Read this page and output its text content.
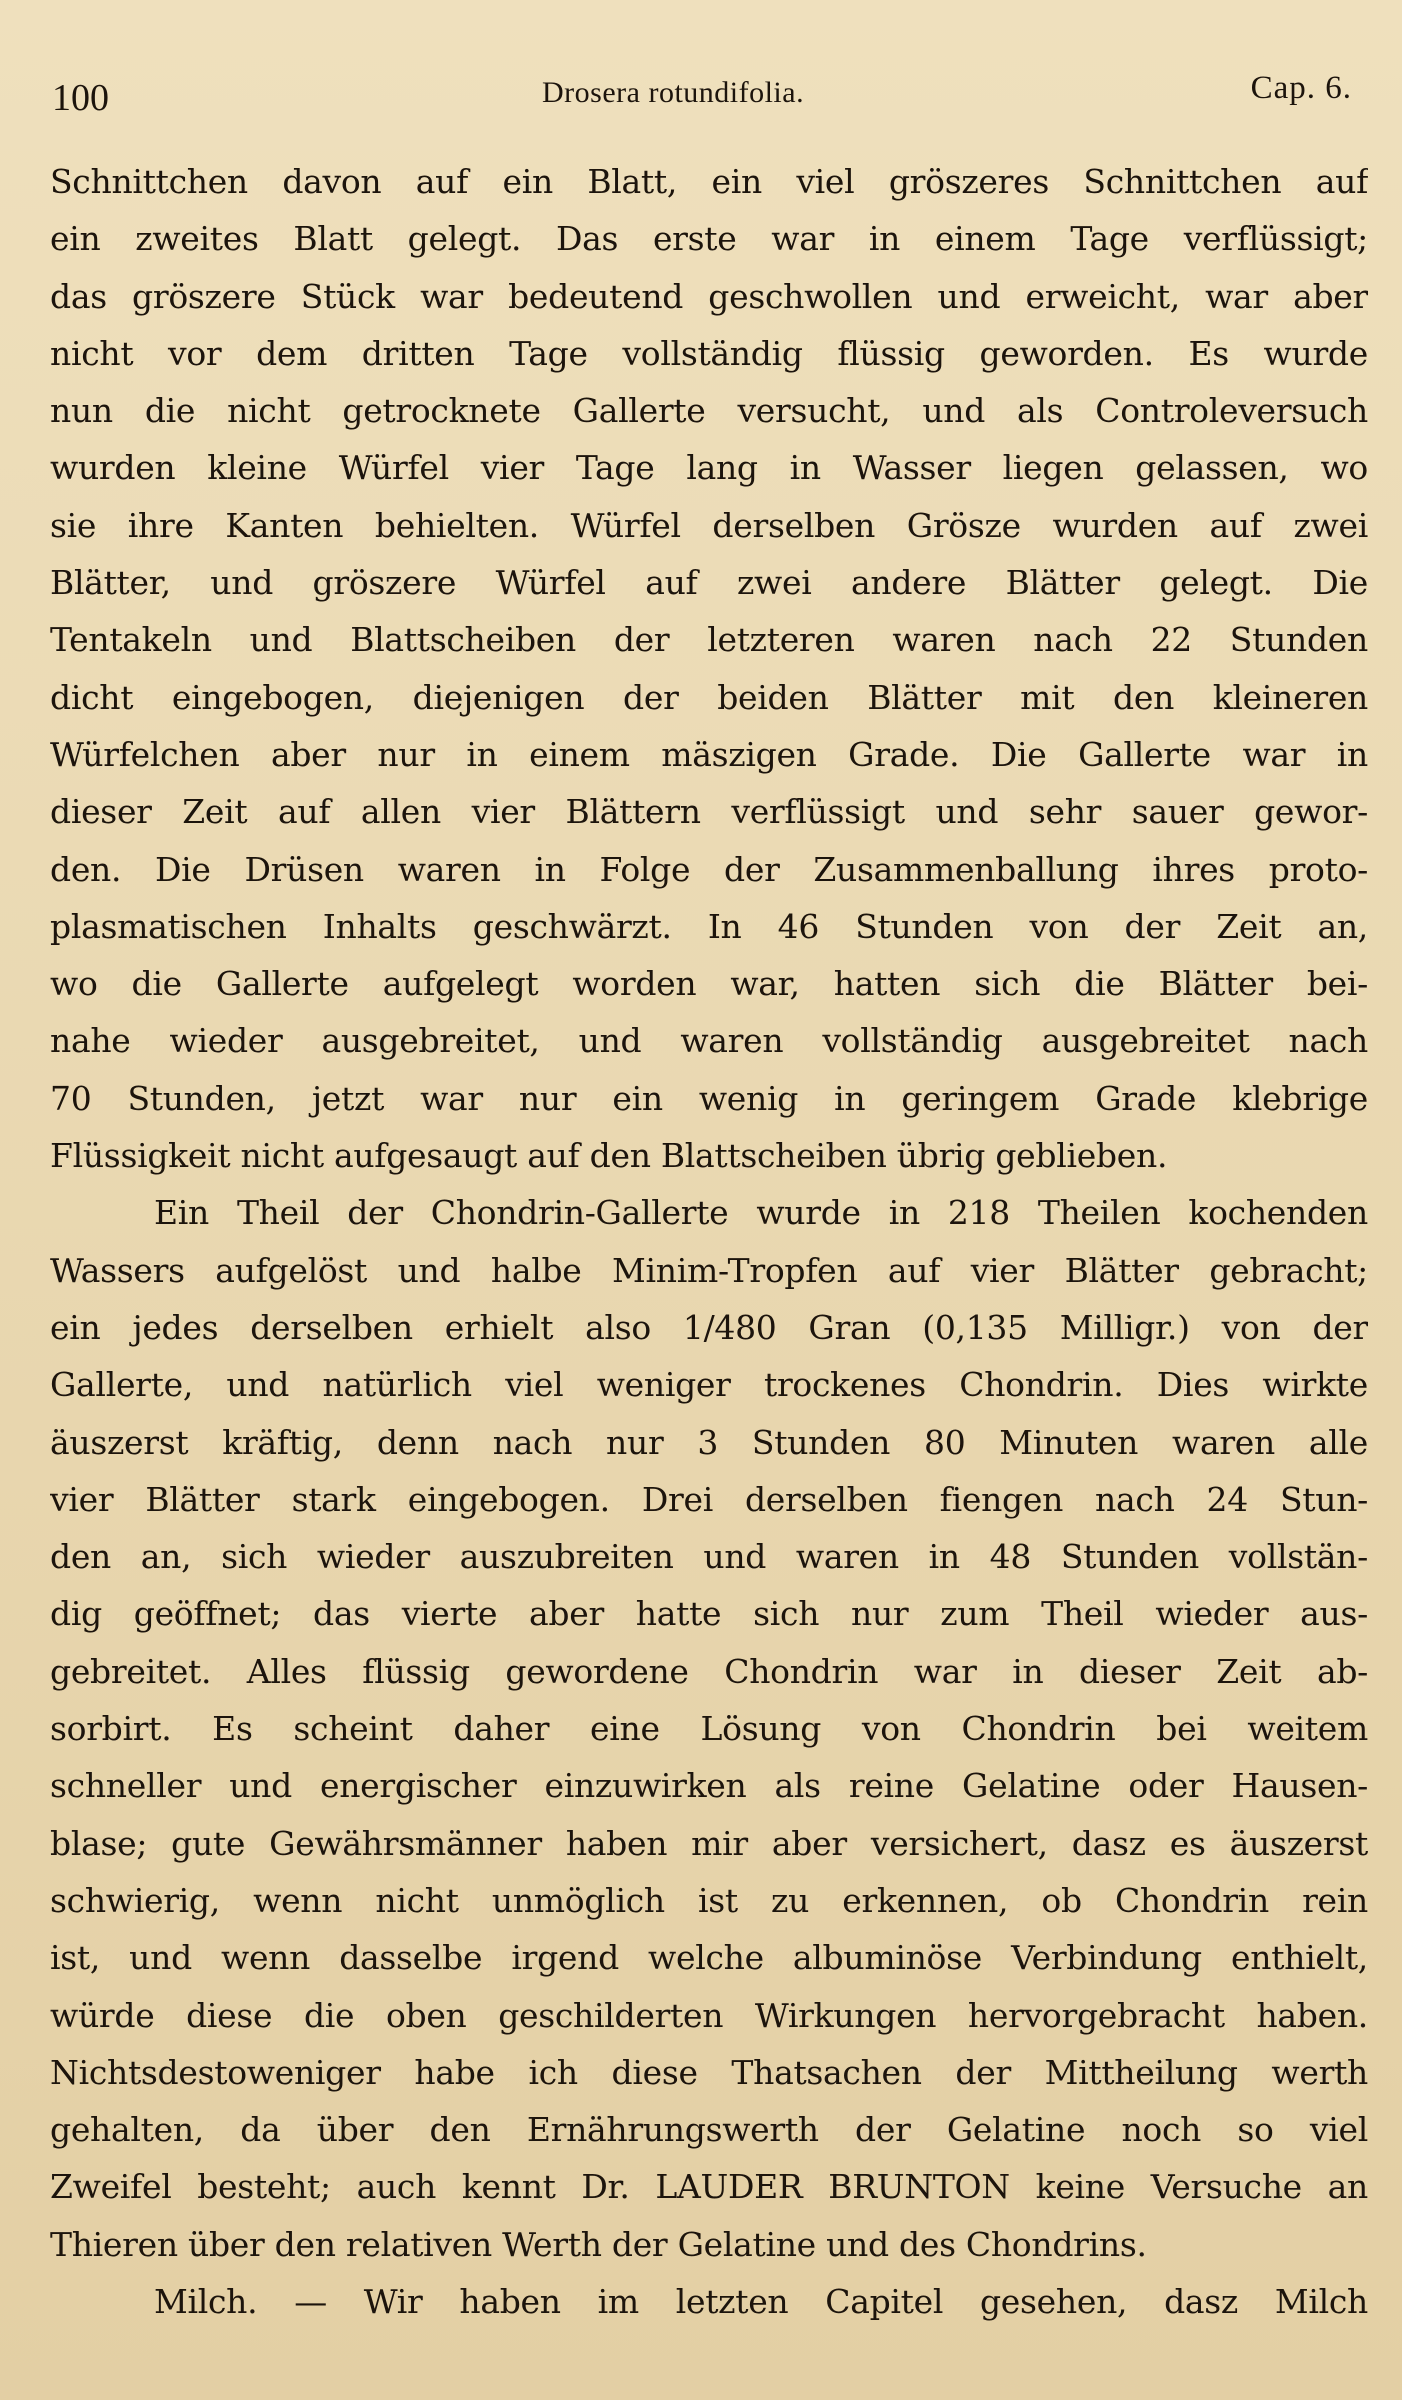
100	Drosera rotundifolia.	Cap. 6.
Schnittchen davon auf ein Blatt, ein viel gröszeres Schnittchen auf
ein zweites Blatt gelegt. Das erste war in einem Tage verflüssigt;
das gröszere Stück war bedeutend geschwollen und erweicht, war aber
nicht vor dem dritten Tage vollständig flüssig geworden. Es wurde
nun die nicht getrocknete Gallerte versucht, und als Controleversuch
wurden kleine Würfel vier Tage lang in Wasser liegen gelassen, wo
sie ihre Kanten behielten. Würfel derselben Grösze wurden auf zwei
Blätter, und gröszere Würfel auf zwei andere Blätter gelegt. Die
Tentakeln und Blattscheiben der letzteren waren nach 22 Stunden
dicht eingebogen, diejenigen der beiden Blätter mit den kleineren
Würfelchen aber nur in einem mäszigen Grade. Die Gallerte war in
dieser Zeit auf allen vier Blättern verflüssigt und sehr sauer gewor-
den. Die Drüsen waren in Folge der Zusammenballung ihres proto-
plasmatischen Inhalts geschwärzt. In 46 Stunden von der Zeit an,
wo die Gallerte aufgelegt worden war, hatten sich die Blätter bei-
nahe wieder ausgebreitet, und waren vollständig ausgebreitet nach
70 Stunden, jetzt war nur ein wenig in geringem Grade klebrige
Flüssigkeit nicht aufgesaugt auf den Blattscheiben übrig geblieben.
Ein Theil der Chondrin-Gallerte wurde in 218 Theilen kochenden
Wassers aufgelöst und halbe Minim-Tropfen auf vier Blätter gebracht;
ein jedes derselben erhielt also 1/480 Gran (0,135 Milligr.) von der
Gallerte, und natürlich viel weniger trockenes Chondrin. Dies wirkte
äuszerst kräftig, denn nach nur 3 Stunden 80 Minuten waren alle
vier Blätter stark eingebogen. Drei derselben fiengen nach 24 Stun-
den an, sich wieder auszubreiten und waren in 48 Stunden vollstän-
dig geöffnet; das vierte aber hatte sich nur zum Theil wieder aus-
gebreitet. Alles flüssig gewordene Chondrin war in dieser Zeit ab-
sorbirt. Es scheint daher eine Lösung von Chondrin bei weitem
schneller und energischer einzuwirken als reine Gelatine oder Hausen-
blase; gute Gewährsmänner haben mir aber versichert, dasz es äuszerst
schwierig, wenn nicht unmöglich ist zu erkennen, ob Chondrin rein
ist, und wenn dasselbe irgend welche albuminöse Verbindung enthielt,
würde diese die oben geschilderten Wirkungen hervorgebracht haben.
Nichtsdestoweniger habe ich diese Thatsachen der Mittheilung werth
gehalten, da über den Ernährungswerth der Gelatine noch so viel
Zweifel besteht; auch kennt Dr. LAUDER BRUNTON keine Versuche an
Thieren über den relativen Werth der Gelatine und des Chondrins.
Milch. — Wir haben im letzten Capitel gesehen, dasz Milch
